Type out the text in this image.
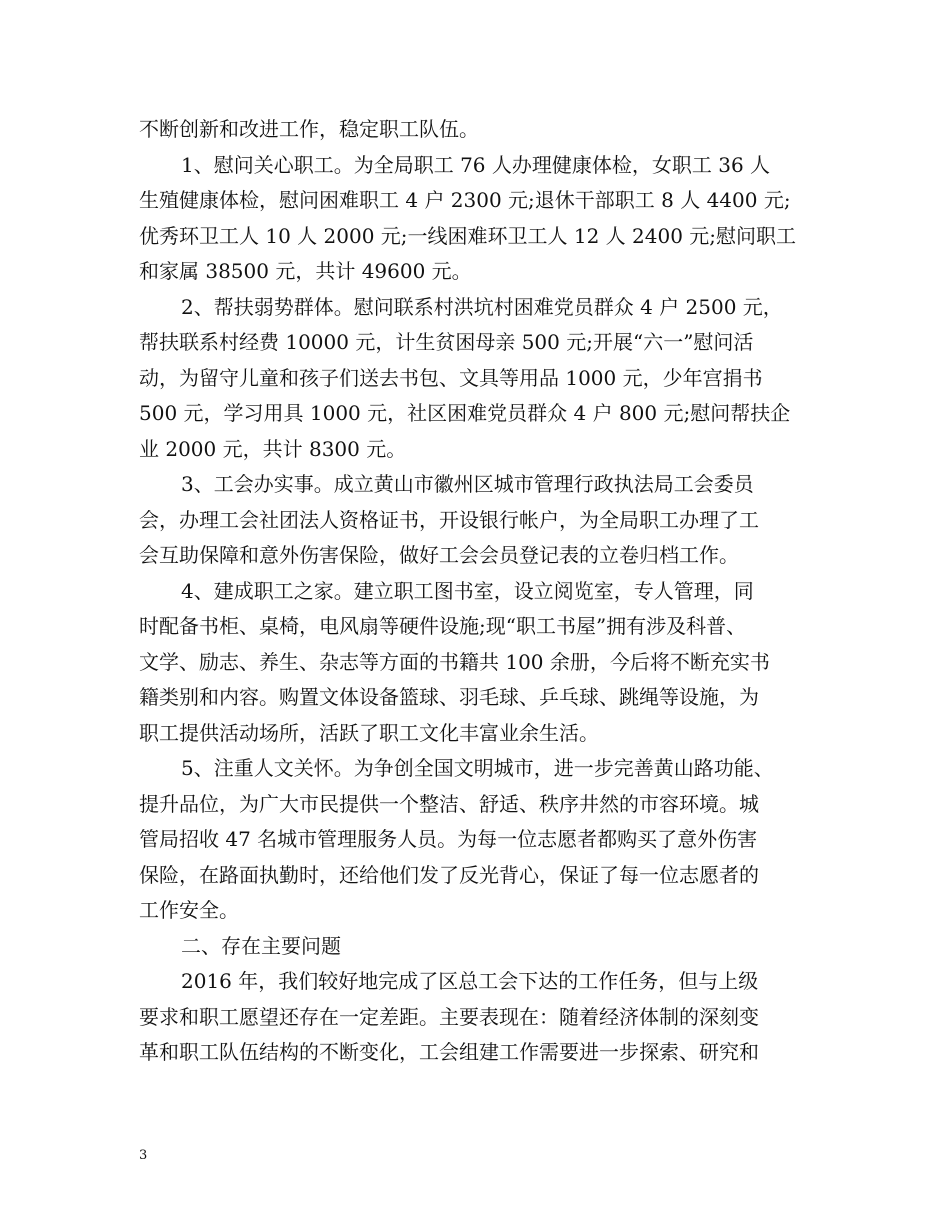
不断创新和改进工作，稳定职工队伍。
1、慰问关心职工。为全局职工 76 人办理健康体检，女职工 36 人
生殖健康体检，慰问困难职工 4 户 2300 元;退休干部职工 8 人 4400 元;
优秀环卫工人 10 人 2000 元;一线困难环卫工人 12 人 2400 元;慰问职工
和家属 38500 元，共计 49600 元。
2、帮扶弱势群体。慰问联系村洪坑村困难党员群众 4 户 2500 元，
帮扶联系村经费 10000 元，计生贫困母亲 500 元;开展“六一”慰问活
动，为留守儿童和孩子们送去书包、文具等用品 1000 元，少年宫捐书
500 元，学习用具 1000 元，社区困难党员群众 4 户 800 元;慰问帮扶企
业 2000 元，共计 8300 元。
3、工会办实事。成立黄山市徽州区城市管理行政执法局工会委员
会，办理工会社团法人资格证书，开设银行帐户，为全局职工办理了工
会互助保障和意外伤害保险，做好工会会员登记表的立卷归档工作。
4、建成职工之家。建立职工图书室，设立阅览室，专人管理，同
时配备书柜、桌椅，电风扇等硬件设施;现“职工书屋”拥有涉及科普、
文学、励志、养生、杂志等方面的书籍共 100 余册，今后将不断充实书
籍类别和内容。购置文体设备篮球、羽毛球、乒乓球、跳绳等设施，为
职工提供活动场所，活跃了职工文化丰富业余生活。
5、注重人文关怀。为争创全国文明城市，进一步完善黄山路功能、
提升品位，为广大市民提供一个整洁、舒适、秩序井然的市容环境。城
管局招收 47 名城市管理服务人员。为每一位志愿者都购买了意外伤害
保险，在路面执勤时，还给他们发了反光背心，保证了每一位志愿者的
工作安全。
二、存在主要问题
2016 年，我们较好地完成了区总工会下达的工作任务，但与上级
要求和职工愿望还存在一定差距。主要表现在：随着经济体制的深刻变
革和职工队伍结构的不断变化，工会组建工作需要进一步探索、研究和
3
